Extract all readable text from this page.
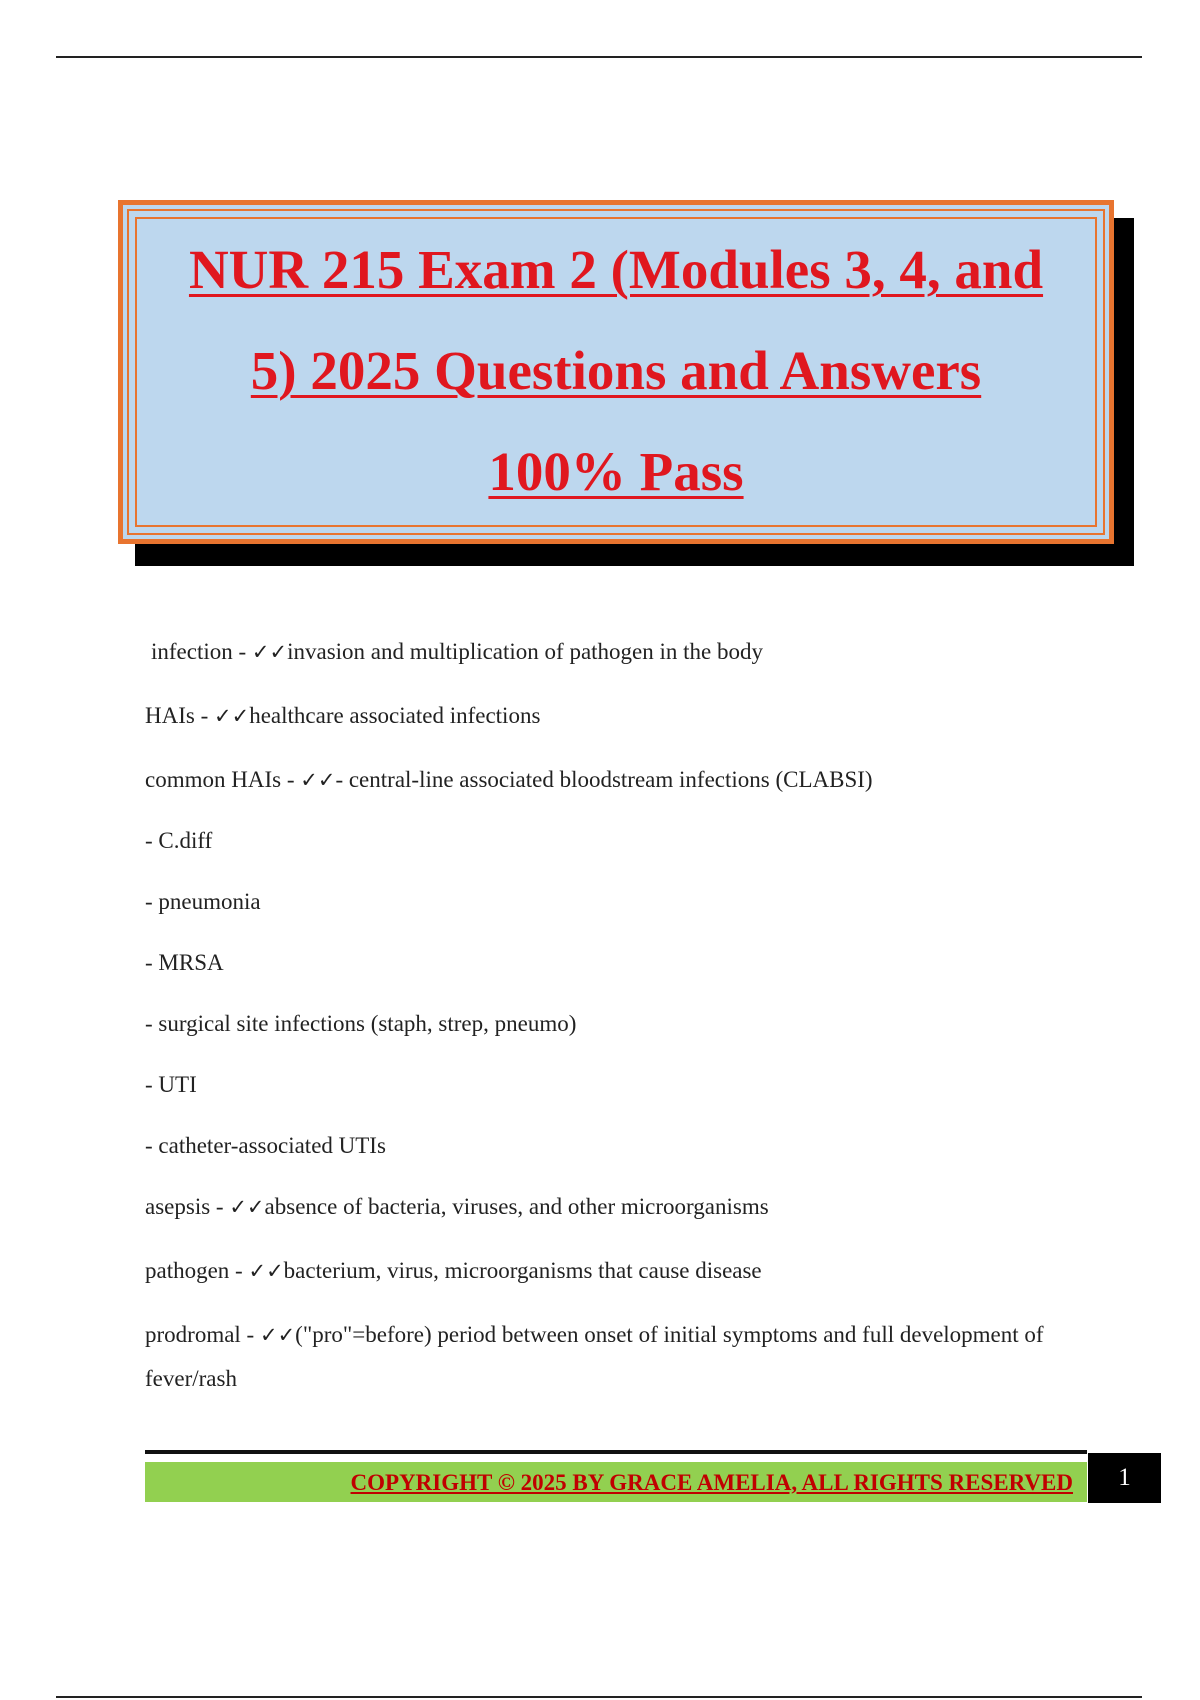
NUR 215 Exam 2 (Modules 3, 4, and
5) 2025 Questions and Answers
100% Pass

infection - ✓✓invasion and multiplication of pathogen in the body

HAIs - ✓✓healthcare associated infections

common HAIs - ✓✓- central-line associated bloodstream infections (CLABSI)

- C.diff

- pneumonia

- MRSA

- surgical site infections (staph, strep, pneumo)

- UTI

- catheter-associated UTIs

asepsis - ✓✓absence of bacteria, viruses, and other microorganisms

pathogen - ✓✓bacterium, virus, microorganisms that cause disease

prodromal - ✓✓("pro"=before) period between onset of initial symptoms and full development of fever/rash

COPYRIGHT © 2025 BY GRACE AMELIA, ALL RIGHTS RESERVED	1
